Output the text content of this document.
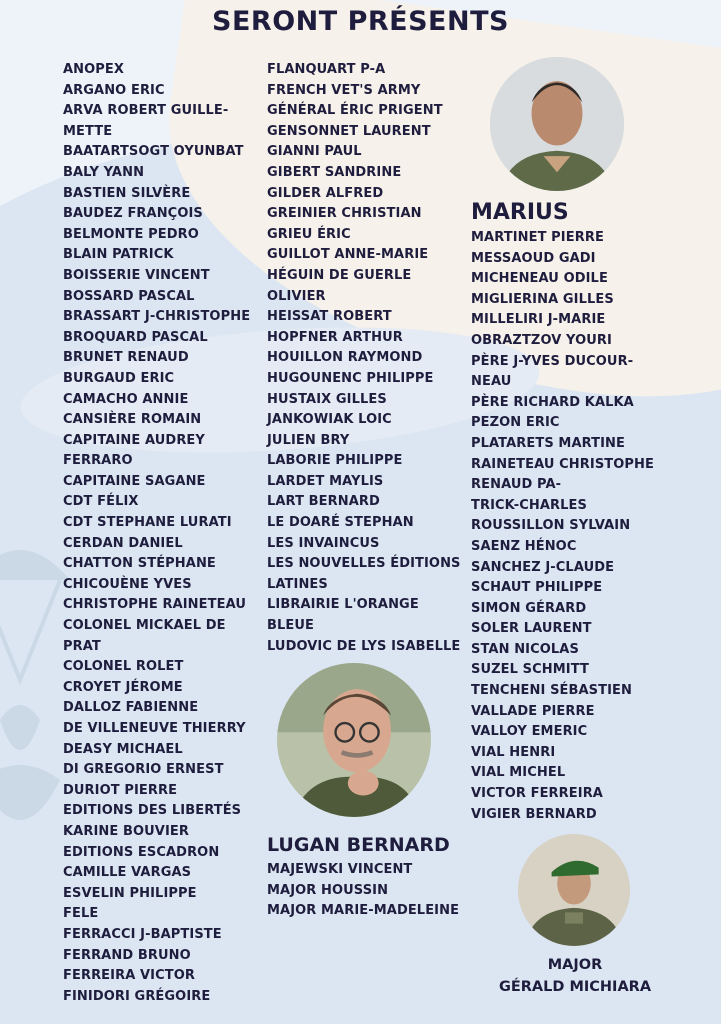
SERONT PRÉSENTS
ANOPEX
ARGANO ERIC
ARVA ROBERT GUILLE-
METTE
BAATARTSOGT OYUNBAT
BALY YANN
BASTIEN SILVÈRE
BAUDEZ FRANÇOIS
BELMONTE PEDRO
BLAIN PATRICK
BOISSERIE VINCENT
BOSSARD PASCAL
BRASSART J-CHRISTOPHE
BROQUARD PASCAL
BRUNET RENAUD
BURGAUD ERIC
CAMACHO ANNIE
CANSIÈRE ROMAIN
CAPITAINE AUDREY
FERRARO
CAPITAINE SAGANE
CDT FÉLIX
CDT STEPHANE LURATI
CERDAN DANIEL
CHATTON STÉPHANE
CHICOUÈNE YVES
CHRISTOPHE RAINETEAU
COLONEL MICKAEL DE
PRAT
COLONEL ROLET
CROYET JÉROME
DALLOZ FABIENNE
DE VILLENEUVE THIERRY
DEASY MICHAEL
DI GREGORIO ERNEST
DURIOT PIERRE
EDITIONS DES LIBERTÉS
KARINE BOUVIER
EDITIONS ESCADRON
CAMILLE VARGAS
ESVELIN PHILIPPE
FELE
FERRACCI J-BAPTISTE
FERRAND BRUNO
FERREIRA VICTOR
FINIDORI GRÉGOIRE
FLANQUART P-A
FRENCH VET'S ARMY
GÉNÉRAL ÉRIC PRIGENT
GENSONNET LAURENT
GIANNI PAUL
GIBERT SANDRINE
GILDER ALFRED
GREINIER CHRISTIAN
GRIEU ÉRIC
GUILLOT ANNE-MARIE
HÉGUIN DE GUERLE
OLIVIER
HEISSAT ROBERT
HOPFNER ARTHUR
HOUILLON RAYMOND
HUGOUNENC PHILIPPE
HUSTAIX GILLES
JANKOWIAK LOIC
JULIEN BRY
LABORIE PHILIPPE
LARDET MAYLIS
LART BERNARD
LE DOARÉ STEPHAN
LES INVAINCUS
LES NOUVELLES ÉDITIONS
LATINES
LIBRAIRIE L'ORANGE
BLEUE
LUDOVIC DE LYS ISABELLE
LUGAN BERNARD
MAJEWSKI VINCENT
MAJOR HOUSSIN
MAJOR MARIE-MADELEINE
MARIUS
MARTINET PIERRE
MESSAOUD GADI
MICHENEAU ODILE
MIGLIERINA GILLES
MILLELIRI J-MARIE
OBRAZTZOV YOURI
PÈRE J-YVES DUCOUR-
NEAU
PÈRE RICHARD KALKA
PEZON ERIC
PLATARETS MARTINE
RAINETEAU CHRISTOPHE
RENAUD PA-
TRICK-CHARLES
ROUSSILLON SYLVAIN
SAENZ HÉNOC
SANCHEZ J-CLAUDE
SCHAUT PHILIPPE
SIMON GÉRARD
SOLER LAURENT
STAN NICOLAS
SUZEL SCHMITT
TENCHENI SÉBASTIEN
VALLADE PIERRE
VALLOY EMERIC
VIAL HENRI
VIAL MICHEL
VICTOR FERREIRA
VIGIER BERNARD
MAJOR
GÉRALD MICHIARA
